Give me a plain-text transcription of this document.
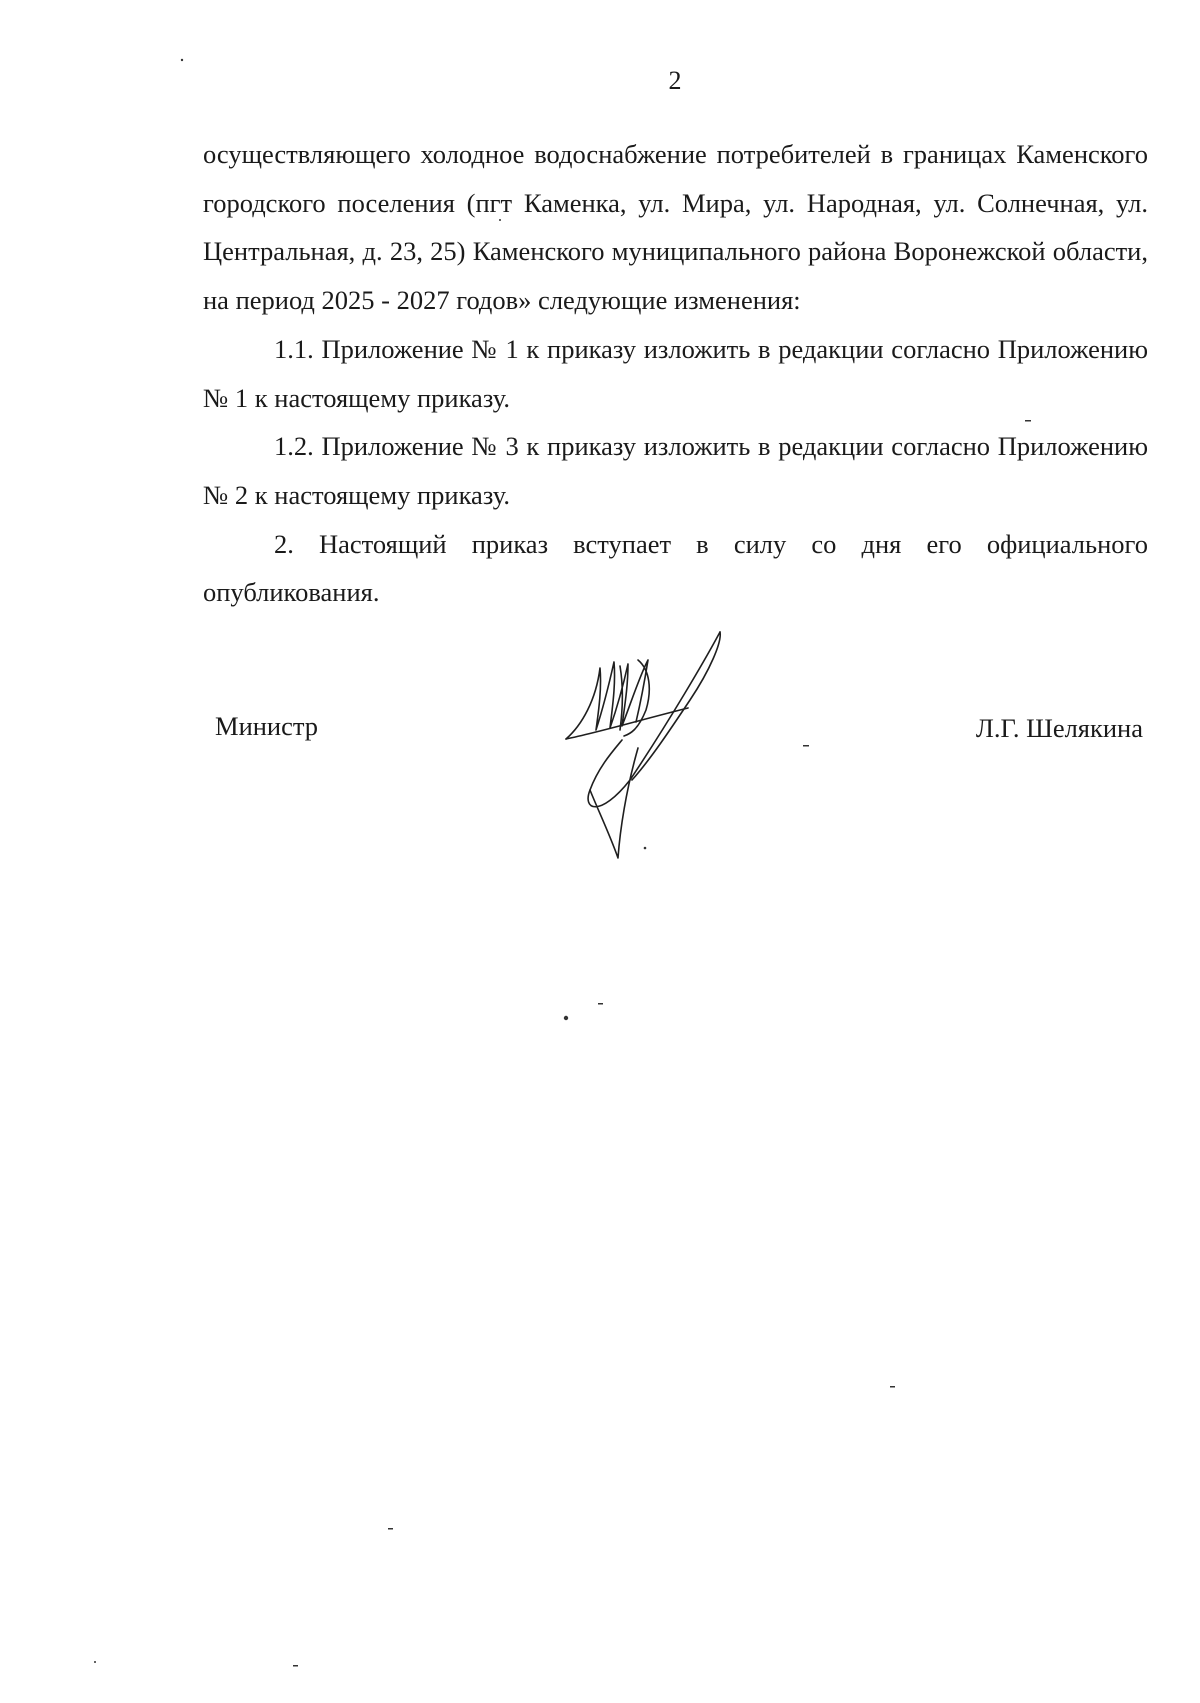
2

осуществляющего холодное водоснабжение потребителей в границах Каменского городского поселения (пгт Каменка, ул. Мира, ул. Народная, ул. Солнечная, ул. Центральная, д. 23, 25) Каменского муниципального района Воронежской области, на период 2025 - 2027 годов» следующие изменения:

1.1. Приложение № 1 к приказу изложить в редакции согласно Приложению № 1 к настоящему приказу.

1.2. Приложение № 3 к приказу изложить в редакции согласно Приложению № 2 к настоящему приказу.

2. Настоящий приказ вступает в силу со дня его официального опубликования.

Министр	Л.Г. Шелякина
